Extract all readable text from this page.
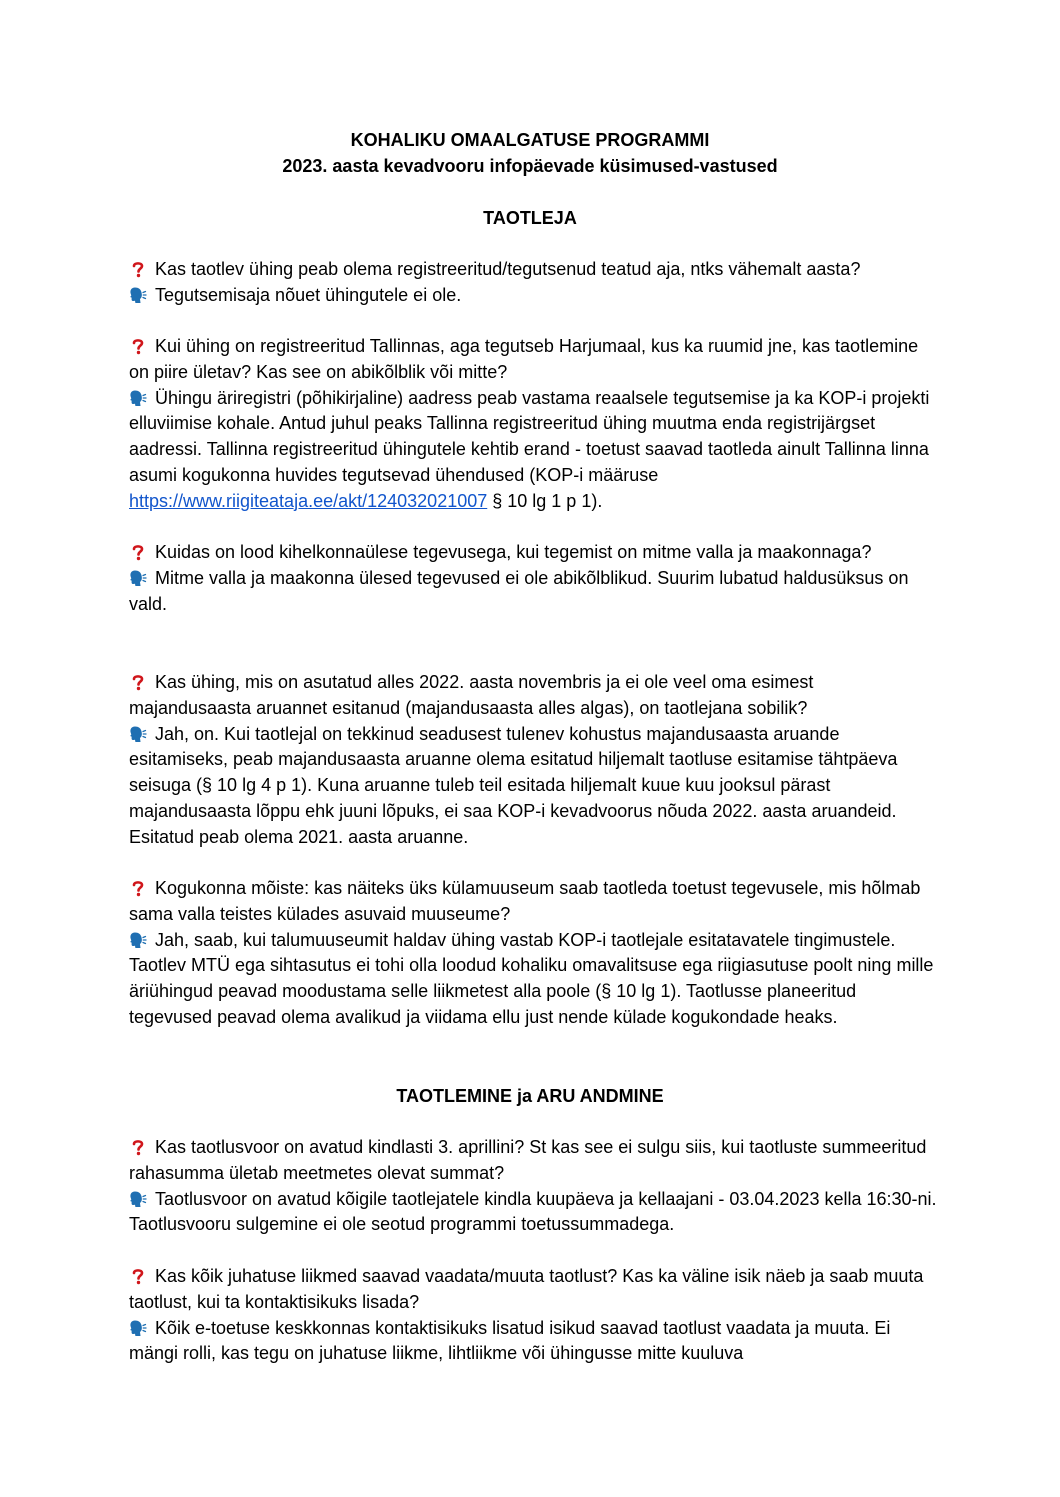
KOHALIKU OMAALGATUSE PROGRAMMI
2023. aasta kevadvooru infopäevade küsimused-vastused
TAOTLEJA

Kas taotlev ühing peab olema registreeritud/tegutsenud teatud aja, ntks vähemalt aasta?

Tegutsemisaja nõuet ühingutele ei ole.

Kui ühing on registreeritud Tallinnas, aga tegutseb Harjumaal, kus ka ruumid jne, kas taotlemine on piire ületav? Kas see on abikõlblik või mitte?

Ühingu äriregistri (põhikirjaline) aadress peab vastama reaalsele tegutsemise ja ka KOP-i projekti elluviimise kohale. Antud juhul peaks Tallinna registreeritud ühing muutma enda registrijärgset aadressi. Tallinna registreeritud ühingutele kehtib erand - toetust saavad taotleda ainult Tallinna linna asumi kogukonna huvides tegutsevad ühendused (KOP-i määruse https://www.riigiteataja.ee/akt/124032021007 § 10 lg 1 p 1).

Kuidas on lood kihelkonnaülese tegevusega, kui tegemist on mitme valla ja maakonnaga?

Mitme valla ja maakonna ülesed tegevused ei ole abikõlblikud. Suurim lubatud haldusüksus on vald.

Kas ühing, mis on asutatud alles 2022. aasta novembris ja ei ole veel oma esimest majandusaasta aruannet esitanud (majandusaasta alles algas), on taotlejana sobilik?

Jah, on. Kui taotlejal on tekkinud seadusest tulenev kohustus majandusaasta aruande esitamiseks, peab majandusaasta aruanne olema esitatud hiljemalt taotluse esitamise tähtpäeva seisuga (§ 10 lg 4 p 1). Kuna aruanne tuleb teil esitada hiljemalt kuue kuu jooksul pärast majandusaasta lõppu ehk juuni lõpuks, ei saa KOP-i kevadvoorus nõuda 2022. aasta aruandeid. Esitatud peab olema 2021. aasta aruanne.

Kogukonna mõiste: kas näiteks üks külamuuseum saab taotleda toetust tegevusele, mis hõlmab sama valla teistes külades asuvaid muuseume?

Jah, saab, kui talumuuseumit haldav ühing vastab KOP-i taotlejale esitatavatele tingimustele. Taotlev MTÜ ega sihtasutus ei tohi olla loodud kohaliku omavalitsuse ega riigiasutuse poolt ning mille äriühingud peavad moodustama selle liikmetest alla poole (§ 10 lg 1). Taotlusse planeeritud tegevused peavad olema avalikud ja viidama ellu just nende külade kogukondade heaks.

TAOTLEMINE ja ARU ANDMINE

Kas taotlusvoor on avatud kindlasti 3. aprillini? St kas see ei sulgu siis, kui taotluste summeeritud rahasumma ületab meetmetes olevat summat?

Taotlusvoor on avatud kõigile taotlejatele kindla kuupäeva ja kellaajani - 03.04.2023 kella 16:30-ni. Taotlusvooru sulgemine ei ole seotud programmi toetussummadega.

Kas kõik juhatuse liikmed saavad vaadata/muuta taotlust? Kas ka väline isik näeb ja saab muuta taotlust, kui ta kontaktisikuks lisada?

Kõik e-toetuse keskkonnas kontaktisikuks lisatud isikud saavad taotlust vaadata ja muuta. Ei mängi rolli, kas tegu on juhatuse liikme, lihtliikme või ühingusse mitte kuuluva
